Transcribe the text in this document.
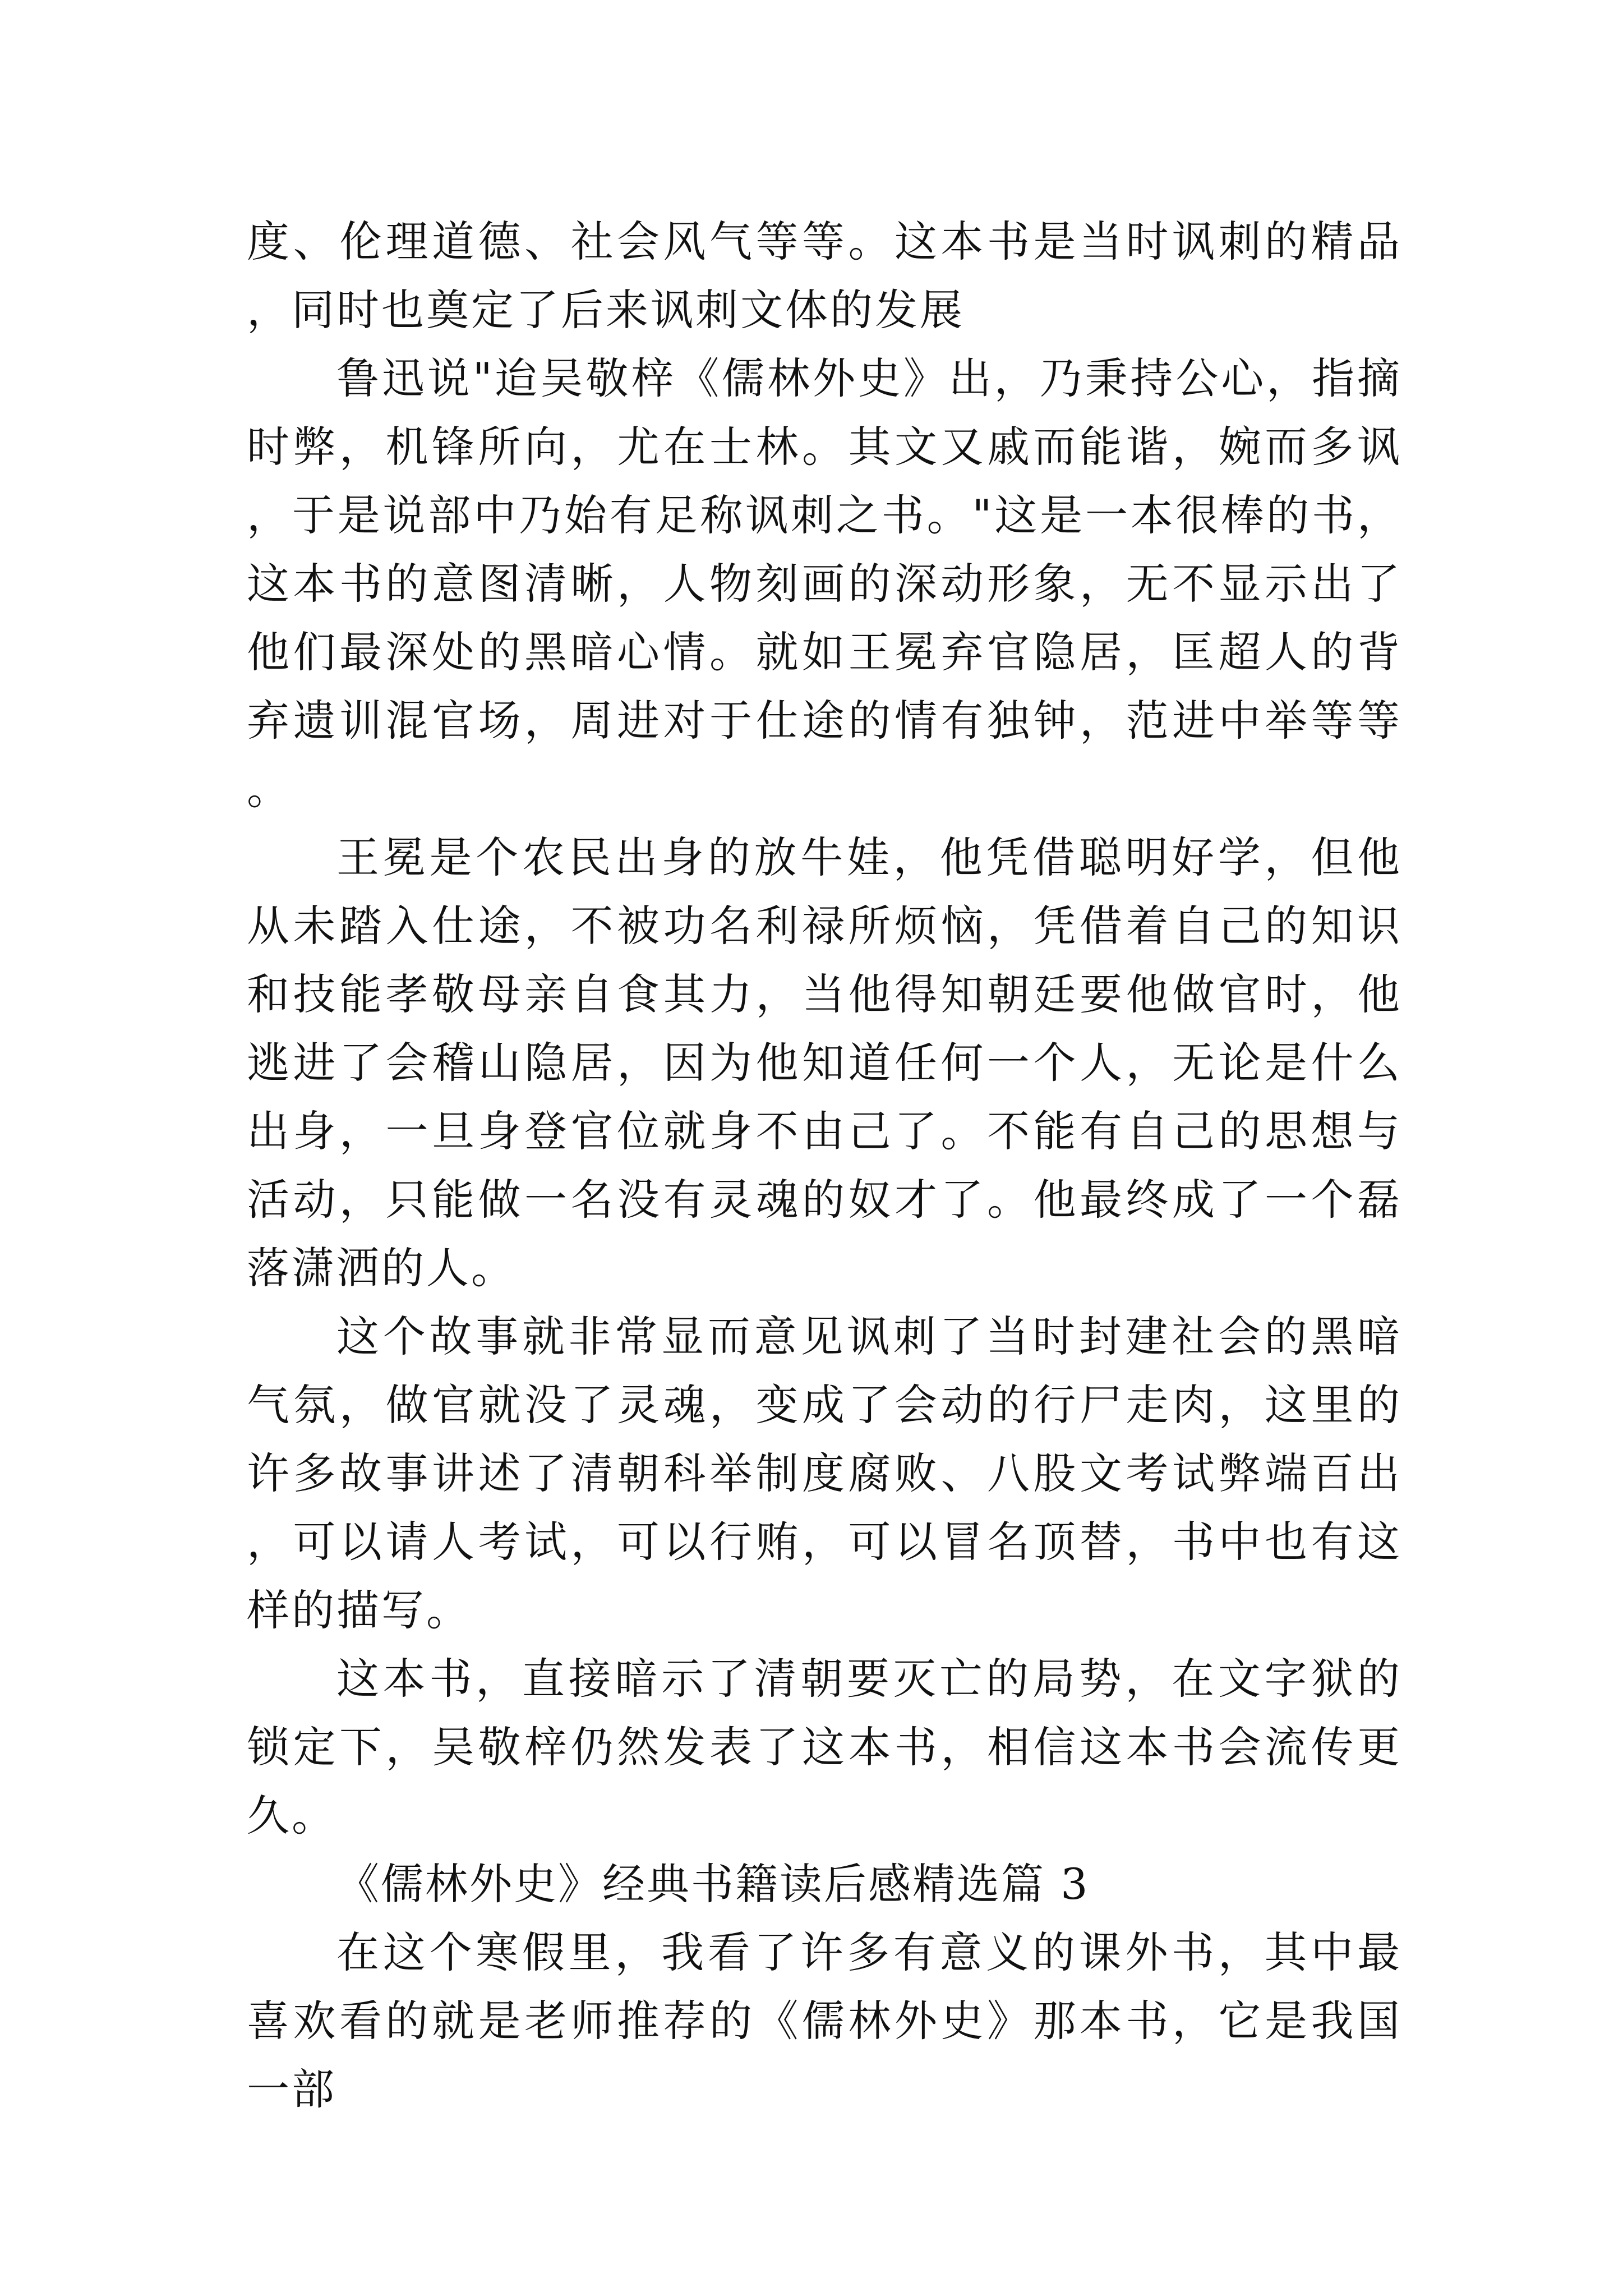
度、伦理道德、社会风气等等。这本书是当时讽刺的精品，同时也奠定了后来讽刺文体的发展

鲁迅说"迨吴敬梓《儒林外史》出，乃秉持公心，指摘时弊，机锋所向，尤在士林。其文又戚而能谐，婉而多讽，于是说部中乃始有足称讽刺之书。"这是一本很棒的书，这本书的意图清晰，人物刻画的深动形象，无不显示出了他们最深处的黑暗心情。就如王冕弃官隐居，匡超人的背弃遗训混官场，周进对于仕途的情有独钟，范进中举等等。

王冕是个农民出身的放牛娃，他凭借聪明好学，但他从未踏入仕途，不被功名利禄所烦恼，凭借着自己的知识和技能孝敬母亲自食其力，当他得知朝廷要他做官时，他逃进了会稽山隐居，因为他知道任何一个人，无论是什么出身，一旦身登官位就身不由己了。不能有自己的思想与活动，只能做一名没有灵魂的奴才了。他最终成了一个磊落潇洒的人。

这个故事就非常显而意见讽刺了当时封建社会的黑暗气氛，做官就没了灵魂，变成了会动的行尸走肉，这里的许多故事讲述了清朝科举制度腐败、八股文考试弊端百出，可以请人考试，可以行贿，可以冒名顶替，书中也有这样的描写。

这本书，直接暗示了清朝要灭亡的局势，在文字狱的锁定下，吴敬梓仍然发表了这本书，相信这本书会流传更久。

《儒林外史》经典书籍读后感精选篇 3

在这个寒假里，我看了许多有意义的课外书，其中最喜欢看的就是老师推荐的《儒林外史》那本书，它是我国一部
